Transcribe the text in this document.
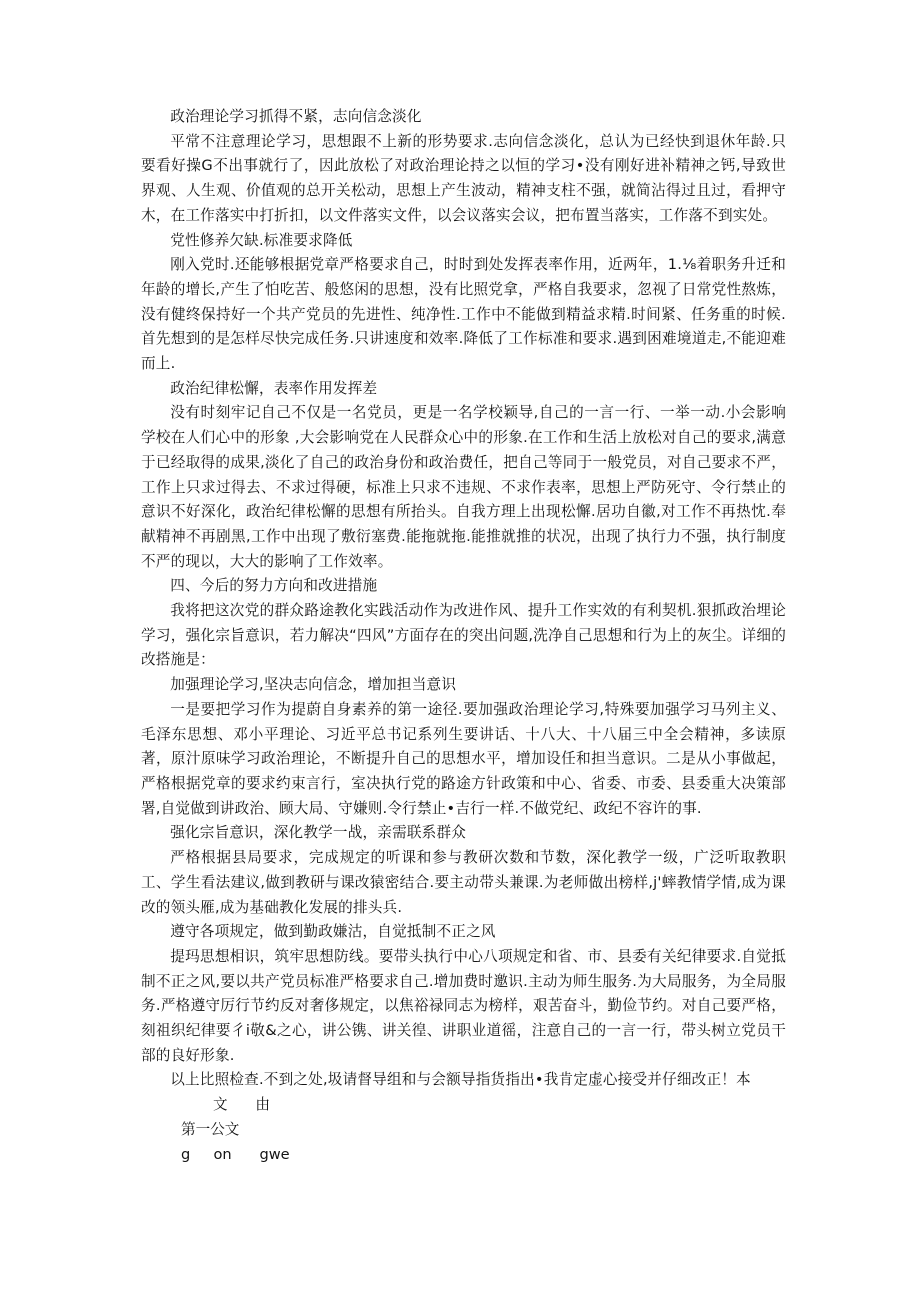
政治理论学习抓得不紧，志向信念淡化

平常不注意理论学习，思想跟不上新的形势要求.志向信念淡化，总认为已经快到退休年龄.只要看好操G不出事就行了，因此放松了对政治理论持之以恒的学习•没有刚好进补精神之钙,导致世界观、人生观、价值观的总开关松动，思想上产生波动，精神支柱不强，就简沾得过且过，看押守木，在工作落实中打折扣，以文件落实文件，以会议落实会议，把布置当落实，工作落不到实处。

党性修养欠缺.标准要求降低

刚入党时.还能够根据党章严格要求自己，时时到处发挥表率作用，近两年，1.⅛着职务升迁和年龄的增长,产生了怕吃苦、般悠闲的思想，没有比照党拿，严格自我要求，忽视了日常党性熬炼，没有健终保持好一个共产党员的先进性、纯净性.工作中不能做到精益求精.时间紧、任务重的时候.首先想到的是怎样尽快完成任务.只讲速度和效率.降低了工作标准和要求.遇到困难境道走,不能迎难而上.

政治纪律松懈，表率作用发挥差

没有时刻牢记自己不仅是一名党员，更是一名学校颖导,自己的一言一行、一举一动.小会影响学校在人们心中的形象 ,大会影响党在人民群众心中的形象.在工作和生活上放松对自己的要求,满意于已经取得的成果,淡化了自己的政治身份和政治费任，把自己等同于一般党员，对自己要求不严，工作上只求过得去、不求过得硬，标准上只求不违规、不求作表率，思想上严防死守、令行禁止的意识不好深化，政治纪律松懈的思想有所抬头。自我方理上出现松懈.居功自徽,对工作不再热忱.奉献精神不再剧黑,工作中出现了敷衍塞费.能拖就拖.能推就推的状况，出现了执行力不强，执行制度不严的现以，大大的影响了工作效率。

四、今后的努力方向和改进措施

我将把这次党的群众路途教化实践活动作为改进作风、提升工作实效的有利契机.狠抓政治埋论学习，强化宗旨意识，若力解决“四风”方面存在的突出问题,洗净自己思想和行为上的灰尘。详细的改搭施是：

加强理论学习,坚决志向信念，增加担当意识

一是要把学习作为提蔚自身素养的第一途径.要加强政治理论学习,特殊要加强学习马列主义、毛泽东思想、邓小平理论、习近平总书记系列生要讲话、十八大、十八届三中全会精神，多读原著，原汁原味学习政治理论，不断提升自己的思想水平，增加设任和担当意识。二是从小事做起，严格根据党章的要求约束言行，室决执行党的路途方针政策和中心、省委、市委、县委重大决策部署,自觉做到讲政治、顾大局、守嫌则.令行禁止•吉行一样.不做党纪、政纪不容许的事.

强化宗旨意识，深化教学一战，亲需联系群众

严格根据县局要求，完成规定的听课和参与教研次数和节数，深化教学一级，广泛听取教职工、学生看法建议,做到教研与课改猿密结合.要主动带头兼课.为老师做出榜样,j'蟀教情学情,成为课改的领头雁,成为基础教化发展的排头兵.

遵守各项规定，做到勤政嫌沽，自觉抵制不正之风

提玛思想相识，筑牢思想防线。要带头执行中心八项规定和省、市、县委有关纪律要求.自觉抵制不正之风,要以共产党员标准严格要求自己.增加费时邀识.主动为师生服务.为大局服务，为全局服务.严格遵守厉行节约反对奢侈规定，以焦裕禄同志为榜样，艰苦奋斗，勤俭节约。对自己要严格，刻祖织纪律要彳i敬&之心，讲公镌、讲关徨、讲职业道徭，注意自己的一言一行，带头树立党员干部的良好形象.

以上比照检查.不到之处,圾请督导组和与会额导指货指出•我肯定虚心接受并仔细改正！本

文      由

第一公文

g     on      gwe
